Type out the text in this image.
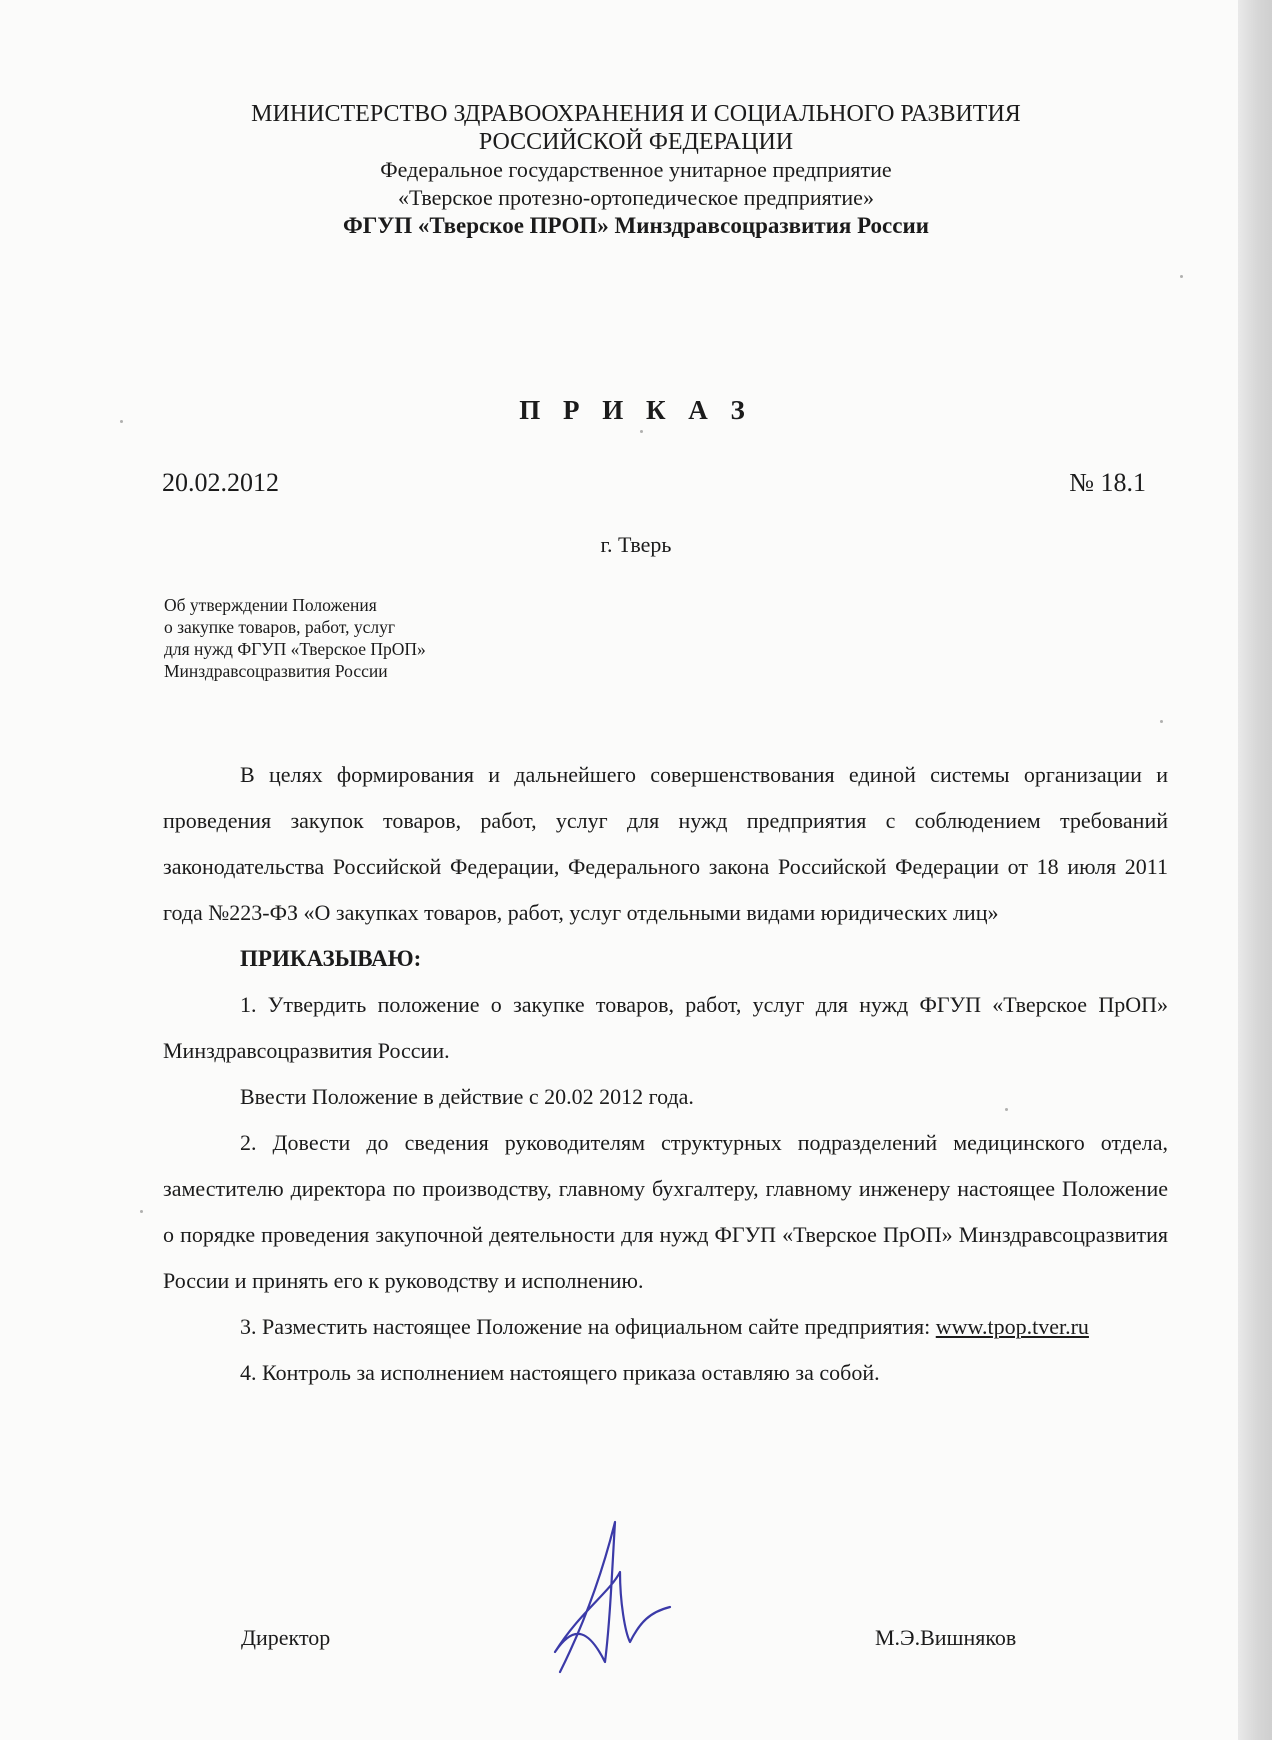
МИНИСТЕРСТВО ЗДРАВООХРАНЕНИЯ И СОЦИАЛЬНОГО РАЗВИТИЯ
РОССИЙСКОЙ ФЕДЕРАЦИИ
Федеральное государственное унитарное предприятие
«Тверское протезно-ортопедическое предприятие»
ФГУП «Тверское ПРОП» Минздравсоцразвития России
П Р И К А З
20.02.2012	№ 18.1
г. Тверь
Об утверждении Положения
о закупке товаров, работ, услуг
для нужд ФГУП «Тверское ПрОП»
Минздравсоцразвития России

В целях формирования и дальнейшего совершенствования единой системы организации и проведения закупок товаров, работ, услуг для нужд предприятия с соблюдением требований законодательства Российской Федерации, Федерального закона Российской Федерации от 18 июля 2011 года №223-ФЗ «О закупках товаров, работ, услуг отдельными видами юридических лиц»

ПРИКАЗЫВАЮ:

1. Утвердить положение о закупке товаров, работ, услуг для нужд ФГУП «Тверское ПрОП» Минздравсоцразвития России.

Ввести Положение в действие с 20.02 2012 года.

2. Довести до сведения руководителям структурных подразделений медицинского отдела, заместителю директора по производству, главному бухгалтеру, главному инженеру настоящее Положение о порядке проведения закупочной деятельности для нужд ФГУП «Тверское ПрОП» Минздравсоцразвития России и принять его к руководству и исполнению.

3. Разместить настоящее Положение на официальном сайте предприятия: www.tpop.tver.ru

4. Контроль за исполнением настоящего приказа оставляю за собой.

Директор	М.Э.Вишняков
